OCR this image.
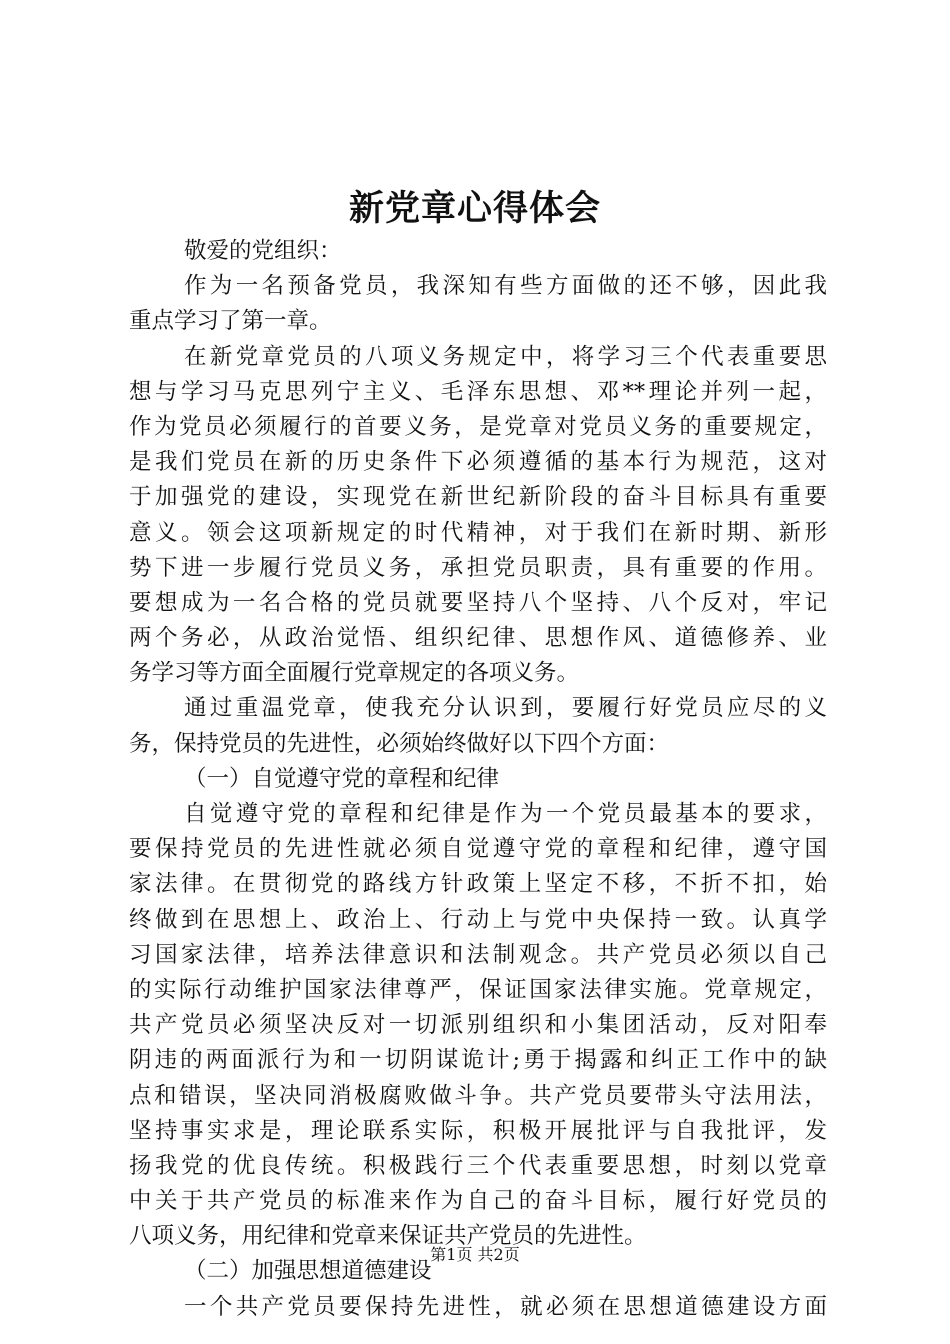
新党章心得体会
敬爱的党组织：
作为一名预备党员，我深知有些方面做的还不够，因此我
重点学习了第一章。
在新党章党员的八项义务规定中，将学习三个代表重要思
想与学习马克思列宁主义、毛泽东思想、邓**理论并列一起，
作为党员必须履行的首要义务，是党章对党员义务的重要规定，
是我们党员在新的历史条件下必须遵循的基本行为规范，这对
于加强党的建设，实现党在新世纪新阶段的奋斗目标具有重要
意义。领会这项新规定的时代精神，对于我们在新时期、新形
势下进一步履行党员义务，承担党员职责，具有重要的作用。
要想成为一名合格的党员就要坚持八个坚持、八个反对，牢记
两个务必，从政治觉悟、组织纪律、思想作风、道德修养、业
务学习等方面全面履行党章规定的各项义务。
通过重温党章，使我充分认识到，要履行好党员应尽的义
务，保持党员的先进性，必须始终做好以下四个方面：
（一）自觉遵守党的章程和纪律
自觉遵守党的章程和纪律是作为一个党员最基本的要求，
要保持党员的先进性就必须自觉遵守党的章程和纪律，遵守国
家法律。在贯彻党的路线方针政策上坚定不移，不折不扣，始
终做到在思想上、政治上、行动上与党中央保持一致。认真学
习国家法律，培养法律意识和法制观念。共产党员必须以自己
的实际行动维护国家法律尊严，保证国家法律实施。党章规定，
共产党员必须坚决反对一切派别组织和小集团活动，反对阳奉
阴违的两面派行为和一切阴谋诡计;勇于揭露和纠正工作中的缺
点和错误，坚决同消极腐败做斗争。共产党员要带头守法用法，
坚持事实求是，理论联系实际，积极开展批评与自我批评，发
扬我党的优良传统。积极践行三个代表重要思想，时刻以党章
中关于共产党员的标准来作为自己的奋斗目标，履行好党员的
八项义务，用纪律和党章来保证共产党员的先进性。
（二）加强思想道德建设
一个共产党员要保持先进性，就必须在思想道德建设方面
第1页 共2页
